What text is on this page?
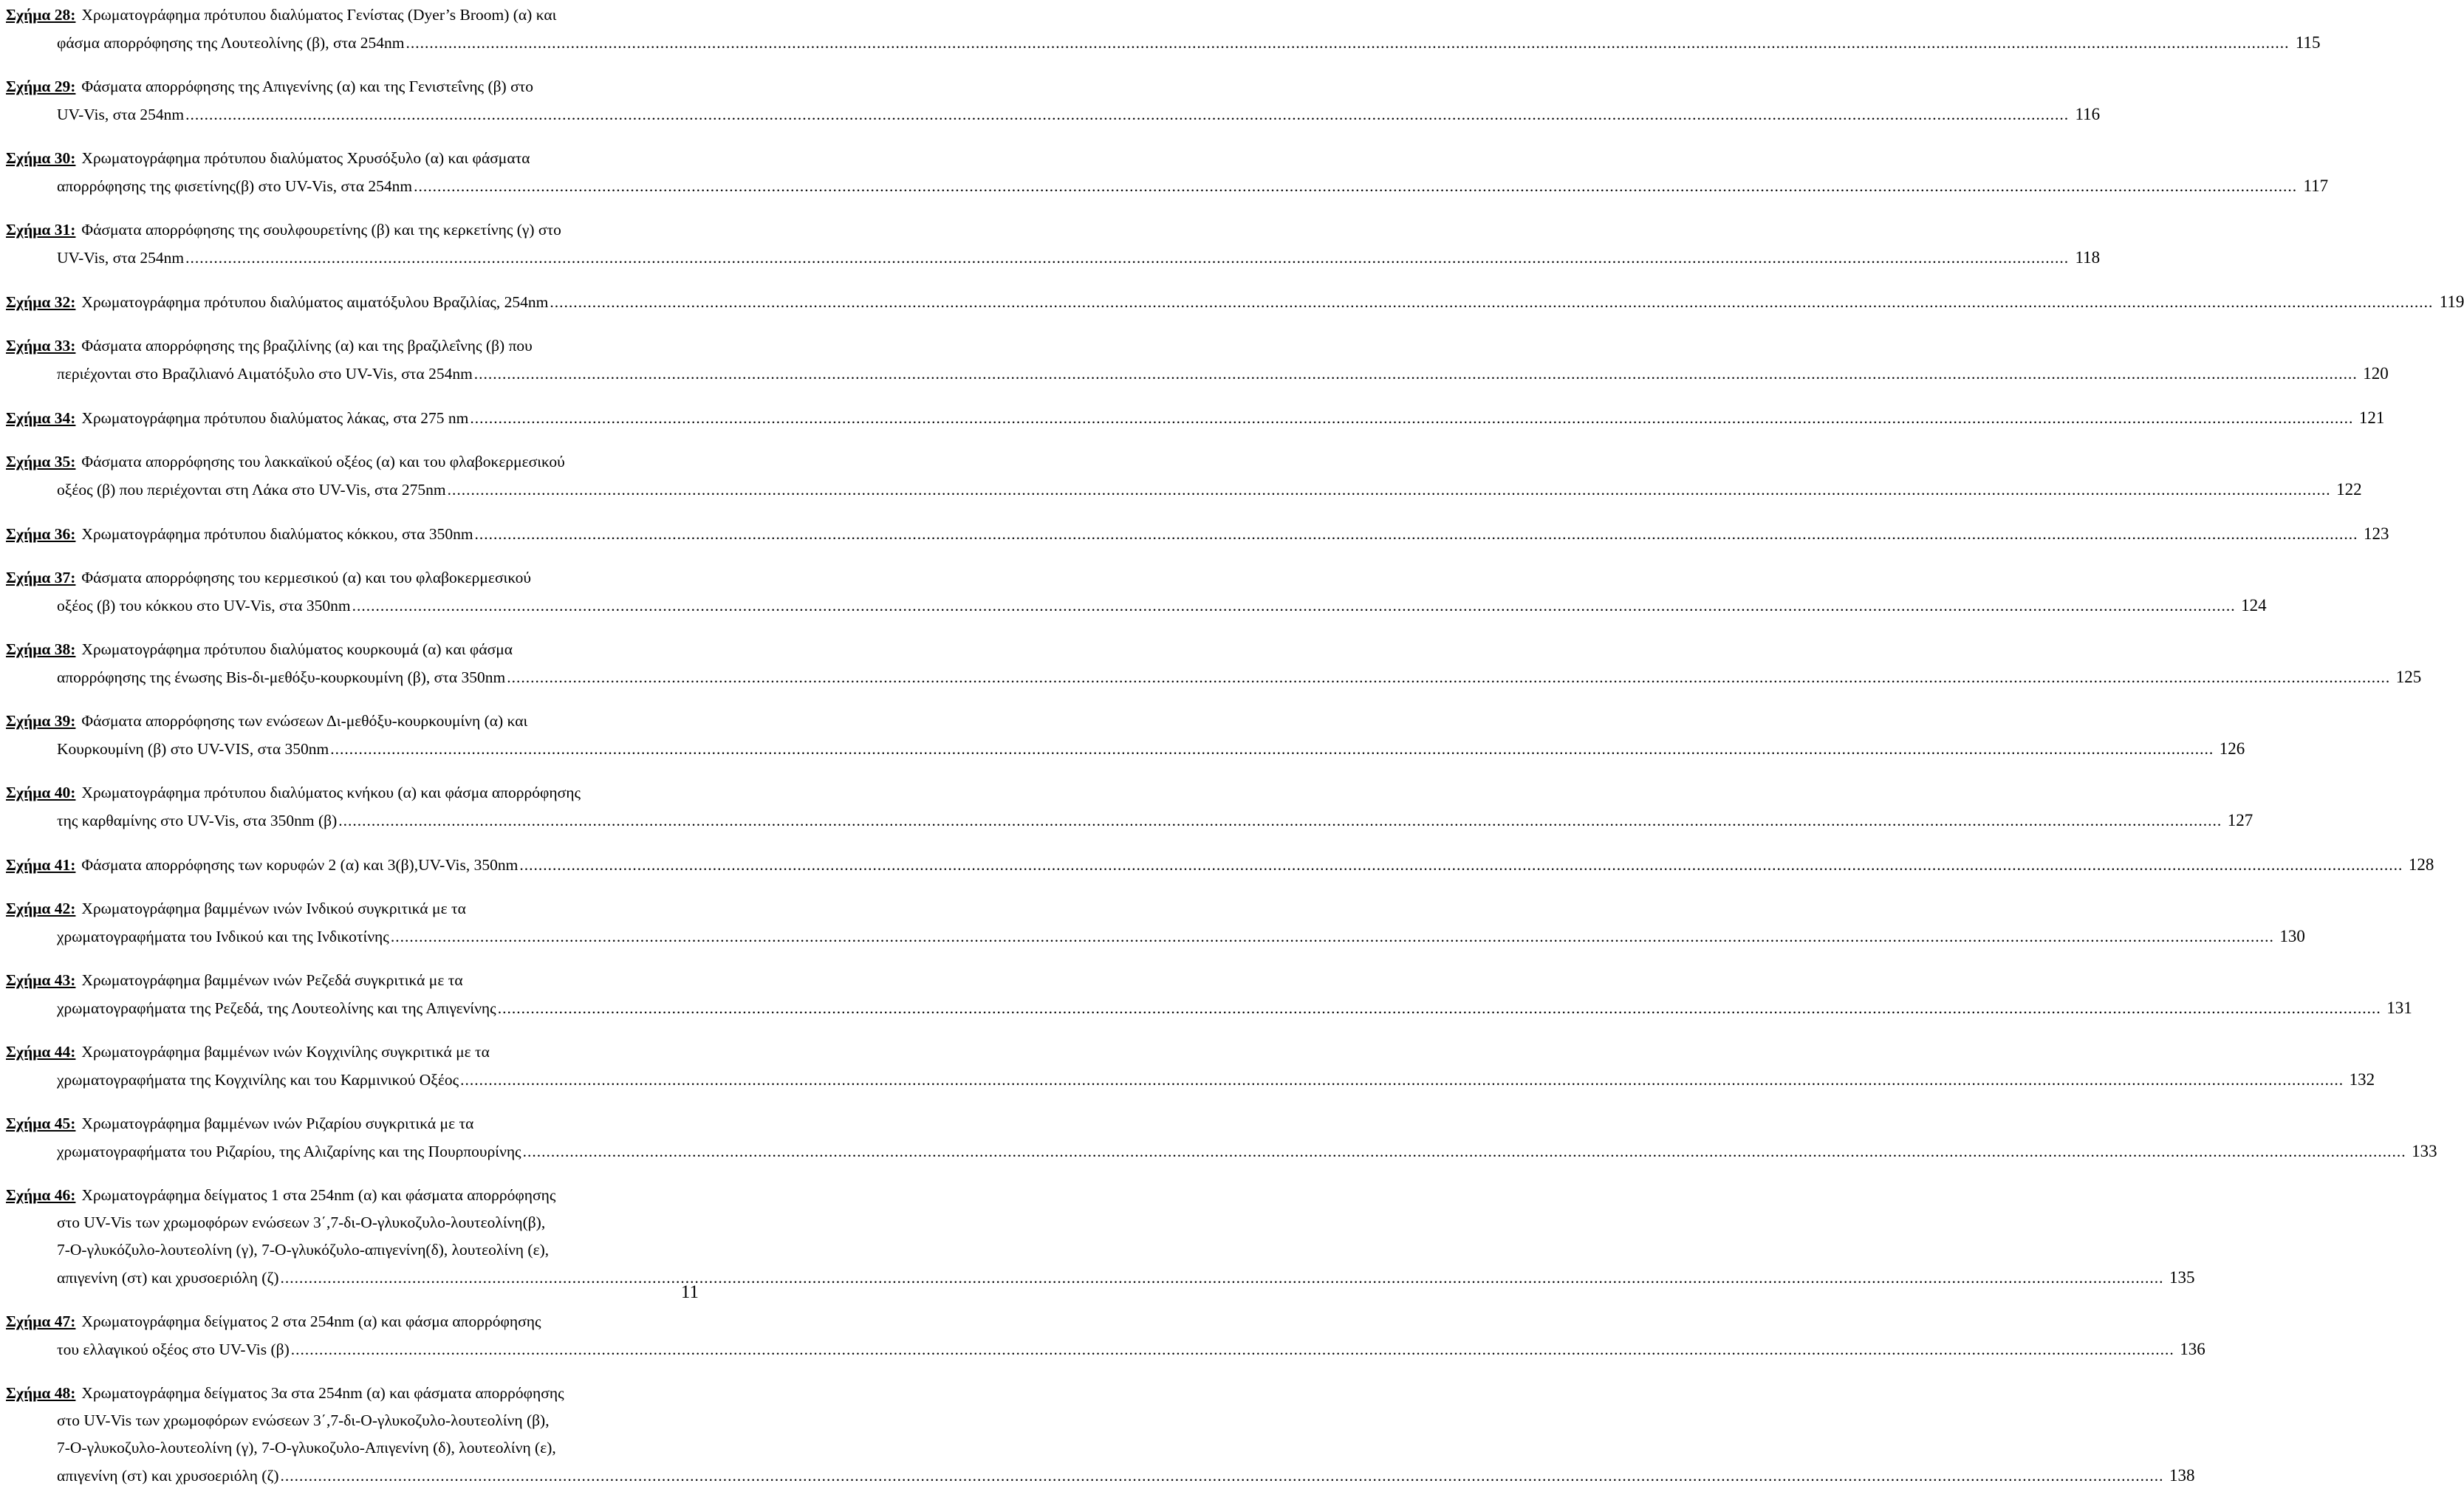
Σχήμα 28: Χρωματογράφημα πρότυπου διαλύματος Γενίστας (Dyer’s Broom) (α) και
φάσμα απορρόφησης της Λουτεολίνης (β), στα 254nm ................................................................................................................................................................................................................................................................................................................................................................................................................ 115
Σχήμα 29: Φάσματα απορρόφησης της Απιγενίνης (α) και της Γενιστεΐνης (β) στο
UV-Vis, στα 254nm ................................................................................................................................................................................................................................................................................................................................................................................................................ 116
Σχήμα 30: Χρωματογράφημα πρότυπου διαλύματος Χρυσόξυλο (α) και φάσματα
απορρόφησης της φισετίνης(β) στο UV-Vis, στα 254nm ................................................................................................................................................................................................................................................................................................................................................................................................................ 117
Σχήμα 31: Φάσματα απορρόφησης της σουλφουρετίνης (β) και της κερκετίνης (γ) στο
UV-Vis, στα 254nm ................................................................................................................................................................................................................................................................................................................................................................................................................ 118
Σχήμα 32: Χρωματογράφημα πρότυπου διαλύματος αιματόξυλου Βραζιλίας, 254nm ................................................................................................................................................................................................................................................................................................................................................................................................................ 119
Σχήμα 33: Φάσματα απορρόφησης της βραζιλίνης (α) και της βραζιλεΐνης (β) που
περιέχονται στο Βραζιλιανό Αιματόξυλο στο UV-Vis, στα 254nm ................................................................................................................................................................................................................................................................................................................................................................................................................ 120
Σχήμα 34: Χρωματογράφημα πρότυπου διαλύματος λάκας, στα 275 nm ................................................................................................................................................................................................................................................................................................................................................................................................................ 121
Σχήμα 35: Φάσματα απορρόφησης του λακκαϊκού οξέος (α) και του φλαβοκερμεσικού
οξέος (β) που περιέχονται στη Λάκα στο UV-Vis, στα 275nm ................................................................................................................................................................................................................................................................................................................................................................................................................ 122
Σχήμα 36: Χρωματογράφημα πρότυπου διαλύματος κόκκου, στα 350nm ................................................................................................................................................................................................................................................................................................................................................................................................................ 123
Σχήμα 37: Φάσματα απορρόφησης του κερμεσικού (α) και του φλαβοκερμεσικού
οξέος (β) του κόκκου στο UV-Vis, στα 350nm ................................................................................................................................................................................................................................................................................................................................................................................................................ 124
Σχήμα 38: Χρωματογράφημα πρότυπου διαλύματος κουρκουμά (α) και φάσμα
απορρόφησης της ένωσης Bis-δι-μεθόξυ-κουρκουμίνη (β), στα 350nm ................................................................................................................................................................................................................................................................................................................................................................................................................ 125
Σχήμα 39: Φάσματα απορρόφησης των ενώσεων Δι-μεθόξυ-κουρκουμίνη (α) και
Κουρκουμίνη (β) στο UV-VIS, στα 350nm ................................................................................................................................................................................................................................................................................................................................................................................................................ 126
Σχήμα 40: Χρωματογράφημα πρότυπου διαλύματος κνήκου (α) και φάσμα απορρόφησης
της καρθαμίνης στο UV-Vis, στα 350nm (β) ................................................................................................................................................................................................................................................................................................................................................................................................................ 127
Σχήμα 41: Φάσματα απορρόφησης των κορυφών 2 (α) και 3(β),UV-Vis, 350nm ................................................................................................................................................................................................................................................................................................................................................................................................................ 128
Σχήμα 42: Χρωματογράφημα βαμμένων ινών Ινδικού συγκριτικά με τα
χρωματογραφήματα του Ινδικού και της Ινδικοτίνης ................................................................................................................................................................................................................................................................................................................................................................................................................ 130
Σχήμα 43: Χρωματογράφημα βαμμένων ινών Ρεζεδά συγκριτικά με τα
χρωματογραφήματα της Ρεζεδά, της Λουτεολίνης και της Απιγενίνης ................................................................................................................................................................................................................................................................................................................................................................................................................ 131
Σχήμα 44: Χρωματογράφημα βαμμένων ινών Κογχινίλης συγκριτικά με τα
χρωματογραφήματα της Κογχινίλης και του Καρμινικού Οξέος ................................................................................................................................................................................................................................................................................................................................................................................................................ 132
Σχήμα 45: Χρωματογράφημα βαμμένων ινών Ριζαρίου συγκριτικά με τα
χρωματογραφήματα του Ριζαρίου, της Αλιζαρίνης και της Πουρπουρίνης ................................................................................................................................................................................................................................................................................................................................................................................................................ 133
Σχήμα 46: Χρωματογράφημα δείγματος 1 στα 254nm (α) και φάσματα απορρόφησης
στο UV-Vis των χρωμοφόρων ενώσεων 3΄,7-δι-O-γλυκοζυλο-λουτεολίνη(β),
7-O-γλυκόζυλο-λουτεολίνη (γ), 7-O-γλυκόζυλο-απιγενίνη(δ), λουτεολίνη (ε),
απιγενίνη (στ) και χρυσοεριόλη (ζ) ................................................................................................................................................................................................................................................................................................................................................................................................................ 135
Σχήμα 47: Χρωματογράφημα δείγματος 2 στα 254nm (α) και φάσμα απορρόφησης
του ελλαγικού οξέος στο UV-Vis (β) ................................................................................................................................................................................................................................................................................................................................................................................................................ 136
Σχήμα 48: Χρωματογράφημα δείγματος 3α στα 254nm (α) και φάσματα απορρόφησης
στο UV-Vis των χρωμοφόρων ενώσεων 3΄,7-δι-O-γλυκοζυλο-λουτεολίνη (β),
7-O-γλυκοζυλο-λουτεολίνη (γ), 7-O-γλυκοζυλο-Απιγενίνη (δ), λουτεολίνη (ε),
απιγενίνη (στ) και χρυσοεριόλη (ζ) ................................................................................................................................................................................................................................................................................................................................................................................................................ 138
11
